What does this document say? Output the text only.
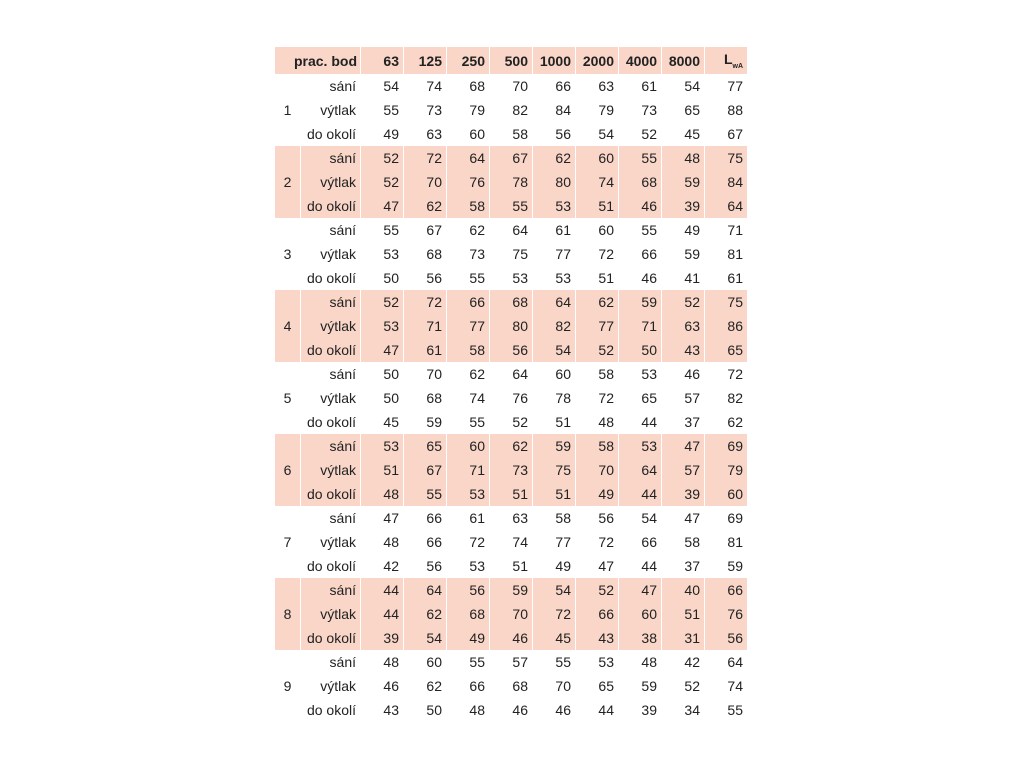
prac. bod		63	125	250	500	1000	2000	4000	8000	$L_{wA}$
1	sání	54	74	68	70	66	63	61	54	77
	výtlak	55	73	79	82	84	79	73	65	88
	do okolí	49	63	60	58	56	54	52	45	67
2	sání	52	72	64	67	62	60	55	48	75
	výtlak	52	70	76	78	80	74	68	59	84
	do okolí	47	62	58	55	53	51	46	39	64
3	sání	55	67	62	64	61	60	55	49	71
	výtlak	53	68	73	75	77	72	66	59	81
	do okolí	50	56	55	53	53	51	46	41	61
4	sání	52	72	66	68	64	62	59	52	75
	výtlak	53	71	77	80	82	77	71	63	86
	do okolí	47	61	58	56	54	52	50	43	65
5	sání	50	70	62	64	60	58	53	46	72
	výtlak	50	68	74	76	78	72	65	57	82
	do okolí	45	59	55	52	51	48	44	37	62
6	sání	53	65	60	62	59	58	53	47	69
	výtlak	51	67	71	73	75	70	64	57	79
	do okolí	48	55	53	51	51	49	44	39	60
7	sání	47	66	61	63	58	56	54	47	69
	výtlak	48	66	72	74	77	72	66	58	81
	do okolí	42	56	53	51	49	47	44	37	59
8	sání	44	64	56	59	54	52	47	40	66
	výtlak	44	62	68	70	72	66	60	51	76
	do okolí	39	54	49	46	45	43	38	31	56
9	sání	48	60	55	57	55	53	48	42	64
	výtlak	46	62	66	68	70	65	59	52	74
	do okolí	43	50	48	46	46	44	39	34	55
